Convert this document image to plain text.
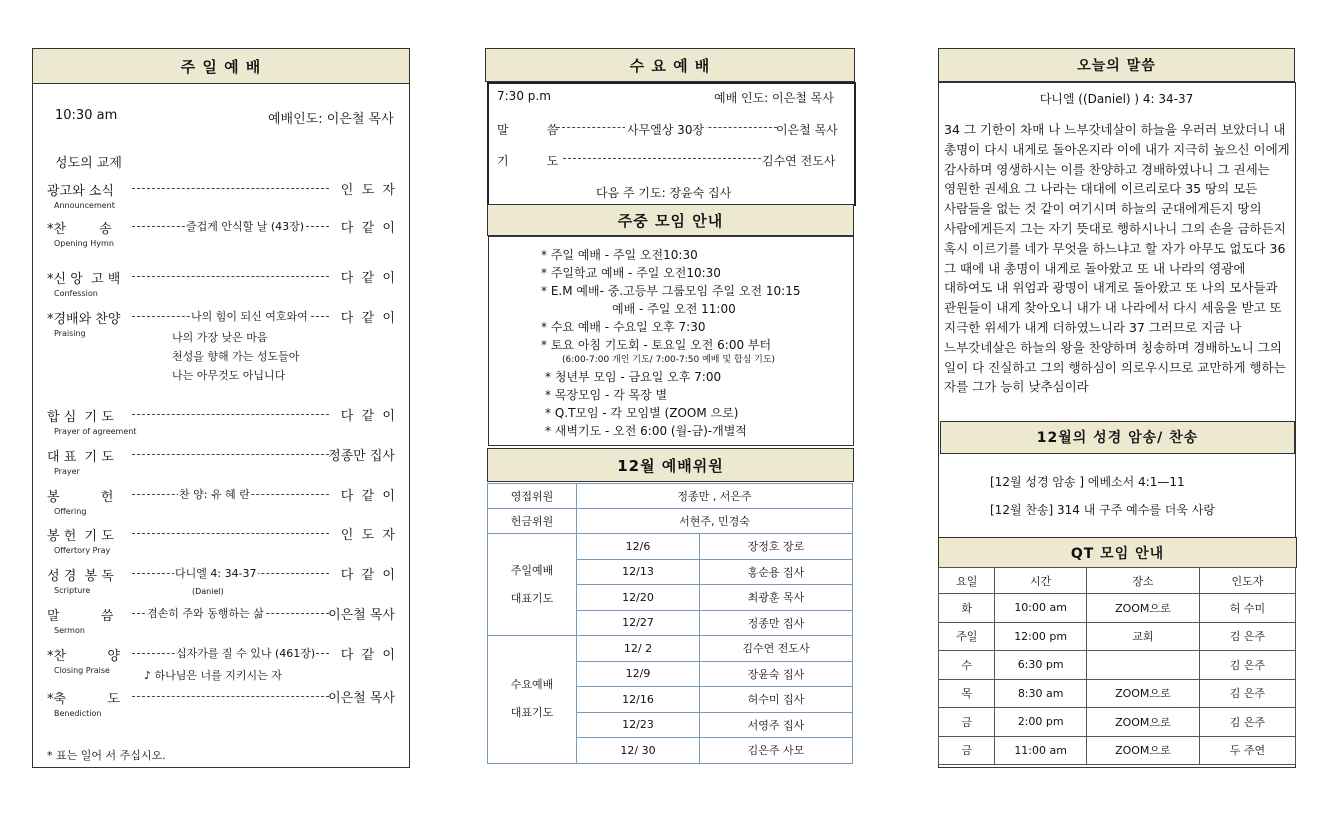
주 일 예 배
10:30 am	예배인도: 이은철 목사
성도의 교제
광고와 소식	인  도  자
Announcement
*찬        송	즐겁게 안식할 날 (43장)	다  같  이
Opening Hymn
*신 앙  고 백	다  같  이
Confession
*경배와 찬양	나의 힘이 되신 여호와여	다  같  이
Praising
합 심  기 도	다  같  이
Prayer of agreement
대 표  기 도	정종만 집사
Prayer
봉          헌	찬 양: 유 혜 란	다  같  이
Offering
봉 헌  기 도	인  도  자
Offertory Pray
성 경  봉 독	다니엘 4: 34-37	다  같  이
Scripture
말          씀	겸손히 주와 동행하는 삶	이은철 목사
Sermon
*찬          양	십자가를 질 수 있나 (461장) 다  같  이
Closing Praise
*축          도	이은철 목사
Benediction
나의 가장 낮은 마음
천성을 향해 가는 성도들아
나는 아무것도 아닙니다
(Daniel)
♪ 하나님은 너를 지키시는 자
* 표는 일어 서 주십시오.
수 요 예 배
7:30 p.m	예배 인도: 이은철 목사
말          씀	사무엘상 30장	이은철 목사
기          도	김수연 전도사
다음 주 기도: 장윤숙 집사
주중 모임 안내
* 주일 예배 - 주일 오전10:30
* 주일학교 예배 - 주일 오전10:30
* E.M 예배- 중.고등부 그룹모임 주일 오전 10:15
예배 - 주일 오전 11:00
* 수요 예배 - 수요일 오후 7:30
* 토요 아침 기도회 - 토요일 오전 6:00 부터
(6:00-7:00 개인 기도/ 7:00-7:50 예배 및 합심 기도)
* 청년부 모임 - 금요일 오후 7:00
* 목장모임 - 각 목장 별
* Q.T모임 - 각 모임별 (ZOOM 으로)
* 새벽기도 - 오전 6:00 (월-금)-개별적
12월 예배위원
영접위원	정종만 , 서은주	
헌금위원	서현주, 민경숙	

주일예배
대표기도	12/6	장정호 장로
	12/13	홍순용 집사
	12/20	최광훈 목사
	12/27	정종만 집사

수요예배
대표기도	12/ 2	김수연 전도사
	12/9	장윤숙 집사
	12/16	허수미 집사
	12/23	서영주 집사
	12/ 30	김은주 사모
오늘의 말씀
다니엘 ((Daniel) ) 4: 34-37
34 그 기한이 차매 나 느부갓네살이 하늘을 우러러 보았더니 내 총명이 다시 내게로 돌아온지라 이에 내가 지극히 높으신 이에게 감사하며 영생하시는 이를 찬양하고 경배하였나니 그 권세는 영원한 권세요 그 나라는 대대에 이르리로다 35 땅의 모든 사람들을 없는 것 같이 여기시며 하늘의 군대에게든지 땅의 사람에게든지 그는 자기 뜻대로 행하시나니 그의 손을 금하든지 혹시 이르기를 네가 무엇을 하느냐고 할 자가 아무도 없도다 36 그 때에 내 총명이 내게로 돌아왔고 또 내 나라의 영광에 대하여도 내 위엄과 광명이 내게로 돌아왔고 또 나의 모사들과 관원들이 내게 찾아오니 내가 내 나라에서 다시 세움을 받고 또 지극한 위세가 내게 더하였느니라 37 그러므로 지금 나 느부갓네살은 하늘의 왕을 찬양하며 칭송하며 경배하노니 그의 일이 다 진실하고 그의 행하심이 의로우시므로 교만하게 행하는 자를 그가 능히 낮추심이라
12월의 성경 암송/ 찬송
[12월 성경 암송 ] 에베소서 4:1—11
[12월 찬송] 314 내 구주 예수를 더욱 사랑
QT 모임 안내
요일	시간	장소	인도자
화	10:00 am	ZOOM으로	허 수미
주일	12:00 pm	교회	김 은주
수	6:30 pm		김 은주
목	8:30 am	ZOOM으로	김 은주
금	2:00 pm	ZOOM으로	김 은주
금	11:00 am	ZOOM으로	두 주연
